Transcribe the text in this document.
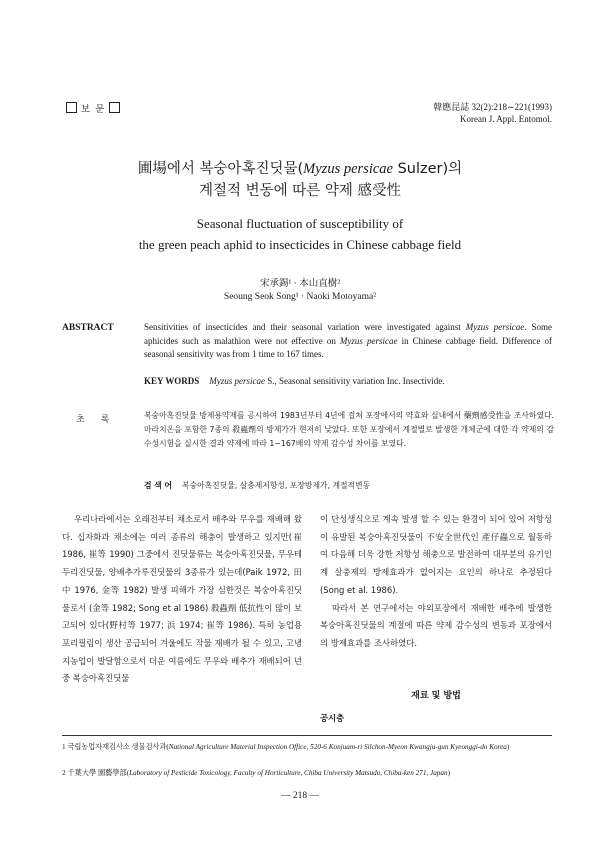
보 문	韓應昆誌 32(2):218∼221(1993)
Korean J. Appl. Entomol.
圃場에서 복숭아혹진딧물(Myzus persicae Sulzer)의
계절적 변동에 따른 약제 感受性
Seasonal fluctuation of susceptibility of
the green peach aphid to insecticides in Chinese cabbage field
宋承錫¹ · 本山直樹²
Seoung Seok Song¹ · Naoki Motoyama²
ABSTRACT	Sensitivities of insecticides and their seasonal variation were investigated against Myzus persicae. Some aphicides such as malathion were not effective on Myzus persicae in Chinese cabbage field. Difference of seasonal sensitivity was from 1 time to 167 times.
KEY WORDS Myzus persicae S., Seasonal sensitivity variation Inc. Insectivide.
초록 복숭아혹진딧물 방제용약제를 공시하여 1983년부터 4년에 걸쳐 포장에서의 약효와 실내에서 藥劑感受性을 조사하였다. 마라치온을 포함한 7종의 殺蟲劑의 방제가가 현저히 낮았다. 또한 포장에서 계절별로 발생한 개체군에 대한 각 약제의 감수성시험을 실시한 결과 약제에 따라 1∼167배의 약제 감수성 차이를 보였다.
검 색 어 복숭아혹진딧물, 살충제저항성, 포장방제가, 계절적변동
우리나라에서는 오래전부터 채소로서 배추와 무우를 재배해 왔다. 십자화과 채소에는 여러 종류의 해충이 발생하고 있지만(崔 1986, 崔等 1990) 그중에서 진딧물류는 복숭아혹진딧물, 무우테두리진딧물, 양배추가루진딧물의 3종류가 있는데(Paik 1972, 田中 1976, 金等 1982) 발생 피해가 가장 심한것은 복숭아혹진딧물로서 (金等 1982; Song et al 1986) 殺蟲劑 低抗性이 많이 보고되어 있다(野村等 1977; 浜 1974; 崔等 1986). 특히 농업용 포리필림이 생산 공급되어 겨울에도 작물 재배가 될 수 있고, 고냉지농업이 발달함으로서 더운 여름에도 무우와 배추가 재배되어 년중 복숭아혹진딧물
이 단성생식으로 계속 발생 할 수 있는 환경이 되어 있어 저항성이 유발된 복숭아혹진딧물이 不安全世代인 產仔蟲으로 월동하여 다음해 더욱 강한 저항성 해충으로 발전하여 대부분의 유기인계 살충제의 방제효과가 없어지는 요인의 하나로 추정된다(Song et al. 1986).
따라서 본 연구에서는 야외포장에서 재배한 배추에 발생한 복숭아혹진딧물의 계절에 따른 약제 감수성의 변동과 포장에서의 방제효과를 조사하였다.
재료 및 방법
공시충
1 국립농업자재검사소 생물검사과(National Agriculture Material Inspection Office, 520-6 Konjuam-ri Silchon-Myeon Kwangju-gun Kyeonggi-do Korea)
2 千葉大學 園藝學部(Laboratory of Pesticide Toxicology, Faculty of Horticulture, Chiba University Matsudo, Chiba-ken 271, Japan)
— 218 —
